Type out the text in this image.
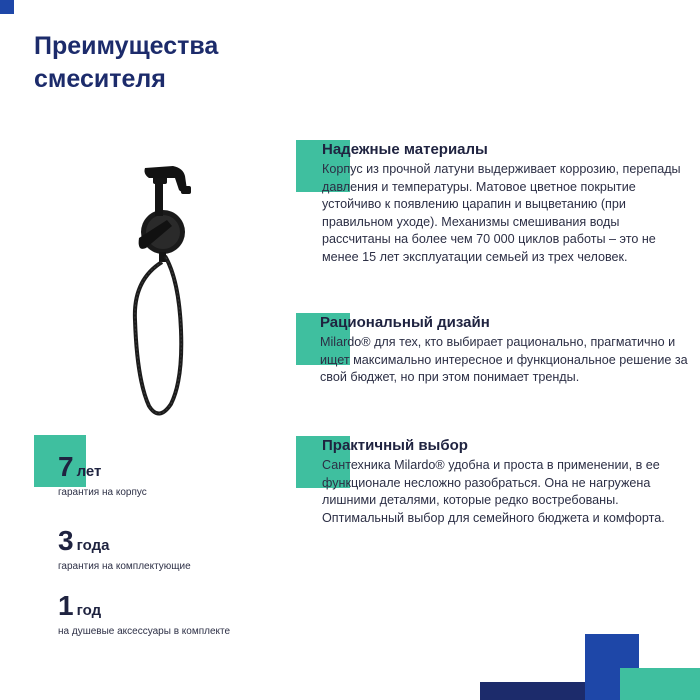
Преимущества
смесителя
Надежные материалы

Корпус из прочной латуни выдерживает коррозию, перепады давления и температуры. Матовое цветное покрытие устойчиво к появлению царапин и выцветанию (при правильном уходе). Механизмы смешивания воды рассчитаны на более чем 70 000 циклов работы – это не менее 15 лет эксплуатации семьей из трех человек.

Рациональный дизайн

Milardo® для тех, кто выбирает рационально, прагматично и ищет максимально интересное и функциональное решение за свой бюджет, но при этом понимает тренды.

Практичный выбор

Сантехника Milardo® удобна и проста в применении, в ее функционале несложно разобраться. Она не нагружена лишними деталями, которые редко востребованы. Оптимальный выбор для семейного бюджета и комфорта.

7 лет
гарантия на корпус
3 года
гарантия на комплектующие
1 год
на душевые аксессуары в комплекте
